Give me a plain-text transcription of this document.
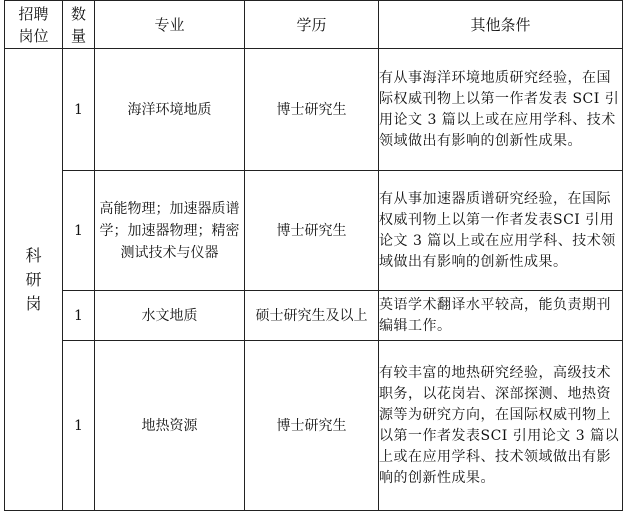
招聘岗位	数量	专业	学历	其他条件
科研岗	1	海洋环境地质	博士研究生	有从事海洋环境地质研究经验，在国际权威刊物上以第一作者发表 SCI 引用论文 3 篇以上或在应用学科、技术领域做出有影响的创新性成果。
	1	高能物理；加速器质谱学；加速器物理；精密测试技术与仪器	博士研究生	有从事加速器质谱研究经验，在国际权威刊物上以第一作者发表SCI 引用论文 3 篇以上或在应用学科、技术领域做出有影响的创新性成果。
	1	水文地质	硕士研究生及以上	英语学术翻译水平较高，能负责期刊编辑工作。
	1	地热资源	博士研究生	有较丰富的地热研究经验，高级技术职务，以花岗岩、深部探测、地热资源等为研究方向，在国际权威刊物上以第一作者发表SCI 引用论文 3 篇以上或在应用学科、技术领域做出有影响的创新性成果。
